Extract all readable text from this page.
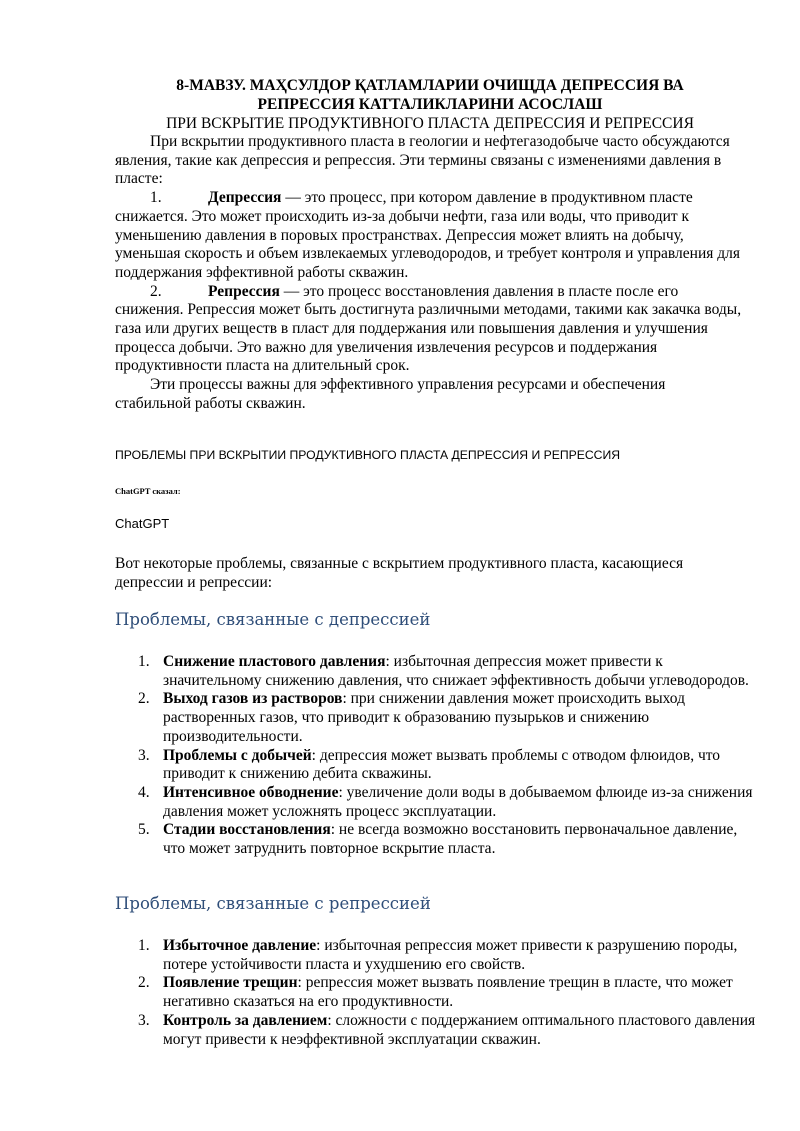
8-МАВЗУ. МАҲСУЛДОР ҚАТЛАМЛАРИИ ОЧИЩДА ДЕПРЕССИЯ ВА

РЕПРЕССИЯ КАТТАЛИКЛАРИНИ АСОСЛАШ

ПРИ ВСКРЫТИЕ ПРОДУКТИВНОГО ПЛАСТА ДЕПРЕССИЯ И РЕПРЕССИЯ

При вскрытии продуктивного пласта в геологии и нефтегазодобыче часто обсуждаются явления, такие как депрессия и репрессия. Эти термины связаны с изменениями давления в пласте:

1.	Депрессия — это процесс, при котором давление в продуктивном пласте снижается. Это может происходить из-за добычи нефти, газа или воды, что приводит к уменьшению давления в поровых пространствах. Депрессия может влиять на добычу, уменьшая скорость и объем извлекаемых углеводородов, и требует контроля и управления для поддержания эффективной работы скважин.

2.	Репрессия — это процесс восстановления давления в пласте после его снижения. Репрессия может быть достигнута различными методами, такими как закачка воды, газа или других веществ в пласт для поддержания или повышения давления и улучшения процесса добычи. Это важно для увеличения извлечения ресурсов и поддержания продуктивности пласта на длительный срок.

Эти процессы важны для эффективного управления ресурсами и обеспечения стабильной работы скважин.

ПРОБЛЕМЫ ПРИ ВСКРЫТИИ ПРОДУКТИВНОГО ПЛАСТА ДЕПРЕССИЯ И РЕПРЕССИЯ

ChatGPT сказал:

ChatGPT

Вот некоторые проблемы, связанные с вскрытием продуктивного пласта, касающиеся депрессии и репрессии:

Проблемы, связанные с депрессией

1. Снижение пластового давления: избыточная депрессия может привести к значительному снижению давления, что снижает эффективность добычи углеводородов.
2. Выход газов из растворов: при снижении давления может происходить выход растворенных газов, что приводит к образованию пузырьков и снижению производительности.
3. Проблемы с добычей: депрессия может вызвать проблемы с отводом флюидов, что приводит к снижению дебита скважины.
4. Интенсивное обводнение: увеличение доли воды в добываемом флюиде из-за снижения давления может усложнять процесс эксплуатации.
5. Стадии восстановления: не всегда возможно восстановить первоначальное давление, что может затруднить повторное вскрытие пласта.

Проблемы, связанные с репрессией

1. Избыточное давление: избыточная репрессия может привести к разрушению породы, потере устойчивости пласта и ухудшению его свойств.
2. Появление трещин: репрессия может вызвать появление трещин в пласте, что может негативно сказаться на его продуктивности.
3. Контроль за давлением: сложности с поддержанием оптимального пластового давления могут привести к неэффективной эксплуатации скважин.
